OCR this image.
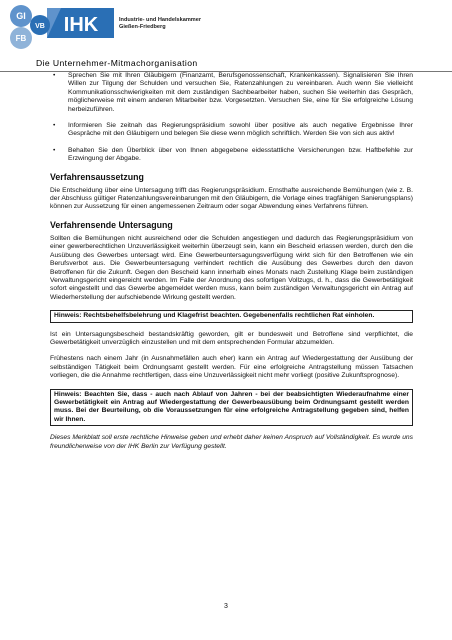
GI
VB
FB
IHK	Industrie- und Handelskammer
Gießen-Friedberg
Die Unternehmer-Mitmachorganisation
• Sprechen Sie mit Ihren Gläubigern (Finanzamt, Berufsgenossenschaft, Krankenkassen). Signalisieren Sie Ihren Willen zur Tilgung der Schulden und versuchen Sie, Ratenzahlungen zu vereinbaren. Auch wenn Sie vielleicht Kommunikationsschwierigkeiten mit dem zuständigen Sachbearbeiter haben, suchen Sie weiterhin das Gespräch, möglicherweise mit einem anderen Mitarbeiter bzw. Vorgesetzten. Versuchen Sie, eine für Sie erfolgreiche Lösung herbeizuführen.
• Informieren Sie zeitnah das Regierungspräsidium sowohl über positive als auch negative Ergebnisse Ihrer Gespräche mit den Gläubigern und belegen Sie diese wenn möglich schriftlich. Werden Sie von sich aus aktiv!
• Behalten Sie den Überblick über von Ihnen abgegebene eidesstattliche Versicherungen bzw. Haftbefehle zur Erzwingung der Abgabe.
Verfahrensaussetzung

Die Entscheidung über eine Untersagung trifft das Regierungspräsidium. Ernsthafte ausreichende Bemühungen (wie z. B. der Abschluss gültiger Ratenzahlungsvereinbarungen mit den Gläubigern, die Vorlage eines tragfähigen Sanierungsplans) können zur Aussetzung für einen angemessenen Zeitraum oder sogar Abwendung eines Verfahrens führen.

Verfahrensende Untersagung

Sollten die Bemühungen nicht ausreichend oder die Schulden angestiegen und dadurch das Regierungspräsidium von einer gewerberechtlichen Unzuverlässigkeit weiterhin überzeugt sein, kann ein Bescheid erlassen werden, durch den die Ausübung des Gewerbes untersagt wird. Eine Gewerbeuntersagungsverfügung wirkt sich für den Betroffenen wie ein Berufsverbot aus. Die Gewerbeuntersagung verhindert rechtlich die Ausübung des Gewerbes durch den davon Betroffenen für die Zukunft. Gegen den Bescheid kann innerhalb eines Monats nach Zustellung Klage beim zuständigen Verwaltungsgericht eingereicht werden. Im Falle der Anordnung des sofortigen Vollzugs, d. h., dass die Gewerbetätigkeit sofort eingestellt und das Gewerbe abgemeldet werden muss, kann beim zuständigen Verwaltungsgericht ein Antrag auf Wiederherstellung der aufschiebende Wirkung gestellt werden.

Hinweis: Rechtsbehelfsbelehrung und Klagefrist beachten. Gegebenenfalls rechtlichen Rat einholen.

Ist ein Untersagungsbescheid bestandskräftig geworden, gilt er bundesweit und Betroffene sind verpflichtet, die Gewerbetätigkeit unverzüglich einzustellen und mit dem entsprechenden Formular abzumelden.

Frühestens nach einem Jahr (in Ausnahmefällen auch eher) kann ein Antrag auf Wiedergestattung der Ausübung der selbständigen Tätigkeit beim Ordnungsamt gestellt werden. Für eine erfolgreiche Antragstellung müssen Tatsachen vorliegen, die die Annahme rechtfertigen, dass eine Unzuverlässigkeit nicht mehr vorliegt (positive Zukunftsprognose).

Hinweis: Beachten Sie, dass - auch nach Ablauf von Jahren - bei der beabsichtigten Wiederaufnahme einer Gewerbetätigkeit ein Antrag auf Wiedergestattung der Gewerbeausübung beim Ordnungsamt gestellt werden muss. Bei der Beurteilung, ob die Voraussetzungen für eine erfolgreiche Antragstellung gegeben sind, helfen wir Ihnen.

Dieses Merkblatt soll erste rechtliche Hinweise geben und erhebt daher keinen Anspruch auf Vollständigkeit. Es wurde uns freundlicherweise von der IHK Berlin zur Verfügung gestellt.

3
